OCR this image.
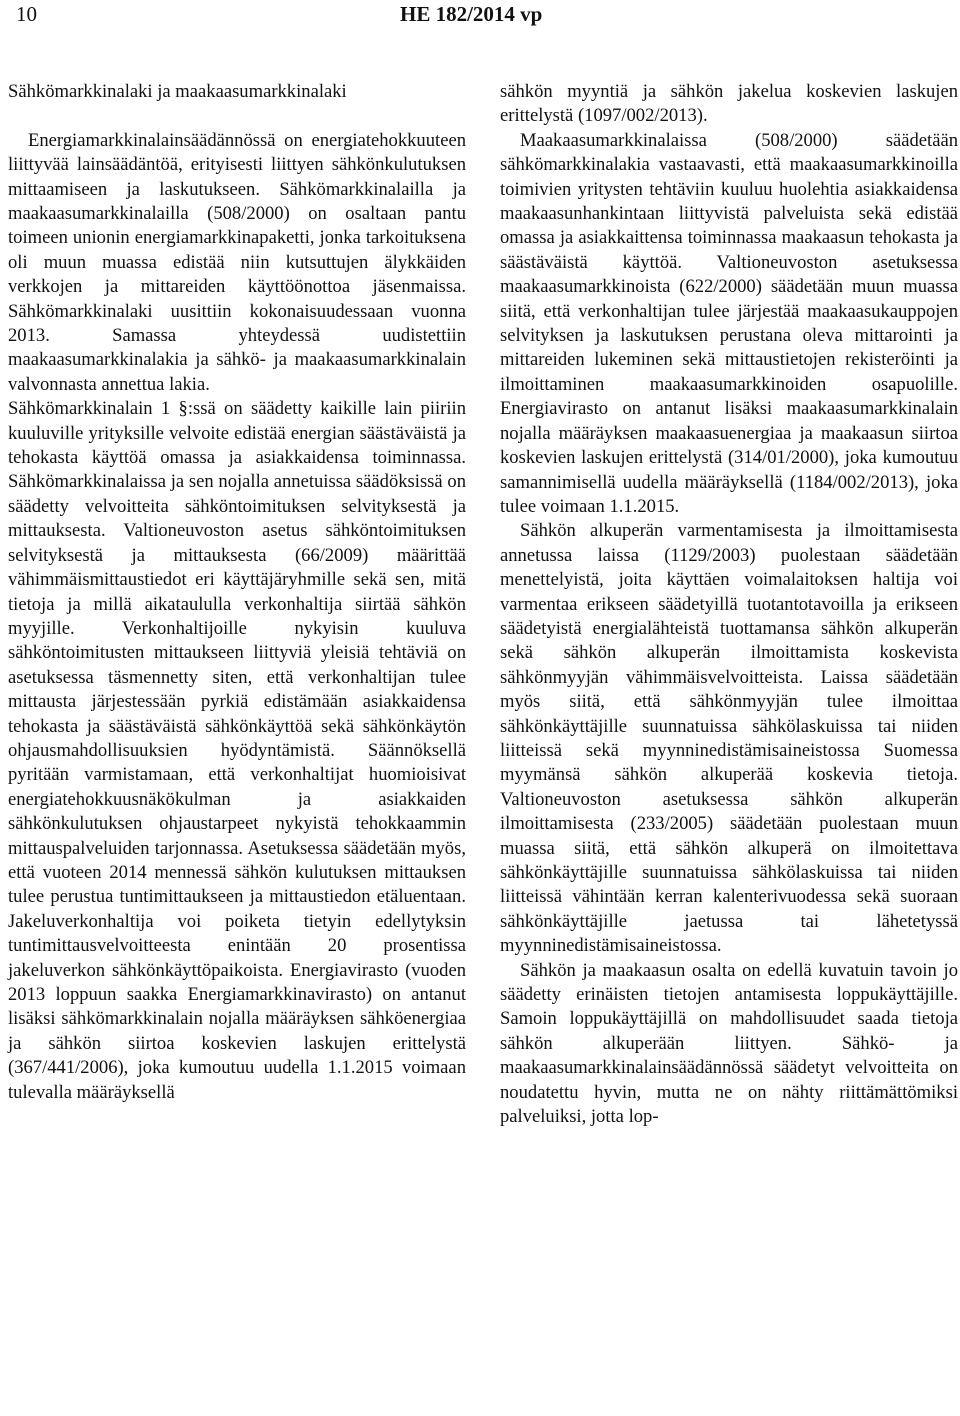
10	HE 182/2014 vp

Sähkömarkkinalaki ja maakaasumarkkinalaki

Energiamarkkinalainsäädännössä on energiatehokkuuteen liittyvää lainsäädäntöä, erityisesti liittyen sähkönkulutuksen mittaamiseen ja laskutukseen. Sähkömarkkinalailla ja maakaasumarkkinalailla (508/2000) on osaltaan pantu toimeen unionin energiamarkkinapaketti, jonka tarkoituksena oli muun muassa edistää niin kutsuttujen älykkäiden verkkojen ja mittareiden käyttöönottoa jäsenmaissa. Sähkömarkkinalaki uusittiin kokonaisuudessaan vuonna 2013. Samassa yhteydessä uudistettiin maakaasumarkkinalakia ja sähkö- ja maakaasumarkkinalain valvonnasta annettua lakia.

Sähkömarkkinalain 1 §:ssä on säädetty kaikille lain piiriin kuuluville yrityksille velvoite edistää energian säästäväistä ja tehokasta käyttöä omassa ja asiakkaidensa toiminnassa. Sähkömarkkinalaissa ja sen nojalla annetuissa säädöksissä on säädetty velvoitteita sähköntoimituksen selvityksestä ja mittauksesta. Valtioneuvoston asetus sähköntoimituksen selvityksestä ja mittauksesta (66/2009) määrittää vähimmäismittaustiedot eri käyttäjäryhmille sekä sen, mitä tietoja ja millä aikataululla verkonhaltija siirtää sähkön myyjille. Verkonhaltijoille nykyisin kuuluva sähköntoimitusten mittaukseen liittyviä yleisiä tehtäviä on asetuksessa täsmennetty siten, että verkonhaltijan tulee mittausta järjestessään pyrkiä edistämään asiakkaidensa tehokasta ja säästäväistä sähkönkäyttöä sekä sähkönkäytön ohjausmahdollisuuksien hyödyntämistä. Säännöksellä pyritään varmistamaan, että verkonhaltijat huomioisivat energiatehokkuusnäkökulman ja asiakkaiden sähkönkulutuksen ohjaustarpeet nykyistä tehokkaammin mittauspalveluiden tarjonnassa. Asetuksessa säädetään myös, että vuoteen 2014 mennessä sähkön kulutuksen mittauksen tulee perustua tuntimittaukseen ja mittaustiedon etäluentaan. Jakeluverkonhaltija voi poiketa tietyin edellytyksin tuntimittausvelvoitteesta enintään 20 prosentissa jakeluverkon sähkönkäyttöpaikoista. Energiavirasto (vuoden 2013 loppuun saakka Energiamarkkinavirasto) on antanut lisäksi sähkömarkkinalain nojalla määräyksen sähköenergiaa ja sähkön siirtoa koskevien laskujen erittelystä (367/441/2006), joka kumoutuu uudella 1.1.2015 voimaan tulevalla määräyksellä

sähkön myyntiä ja sähkön jakelua koskevien laskujen erittelystä (1097/002/2013).

Maakaasumarkkinalaissa (508/2000) säädetään sähkömarkkinalakia vastaavasti, että maakaasumarkkinoilla toimivien yritysten tehtäviin kuuluu huolehtia asiakkaidensa maakaasunhankintaan liittyvistä palveluista sekä edistää omassa ja asiakkaittensa toiminnassa maakaasun tehokasta ja säästäväistä käyttöä. Valtioneuvoston asetuksessa maakaasumarkkinoista (622/2000) säädetään muun muassa siitä, että verkonhaltijan tulee järjestää maakaasukauppojen selvityksen ja laskutuksen perustana oleva mittarointi ja mittareiden lukeminen sekä mittaustietojen rekisteröinti ja ilmoittaminen maakaasumarkkinoiden osapuolille. Energiavirasto on antanut lisäksi maakaasumarkkinalain nojalla määräyksen maakaasuenergiaa ja maakaasun siirtoa koskevien laskujen erittelystä (314/01/2000), joka kumoutuu samannimisellä uudella määräyksellä (1184/002/2013), joka tulee voimaan 1.1.2015.

Sähkön alkuperän varmentamisesta ja ilmoittamisesta annetussa laissa (1129/2003) puolestaan säädetään menettelyistä, joita käyttäen voimalaitoksen haltija voi varmentaa erikseen säädetyillä tuotantotavoilla ja erikseen säädetyistä energialähteistä tuottamansa sähkön alkuperän sekä sähkön alkuperän ilmoittamista koskevista sähkönmyyjän vähimmäisvelvoitteista. Laissa säädetään myös siitä, että sähkönmyyjän tulee ilmoittaa sähkönkäyttäjille suunnatuissa sähkölaskuissa tai niiden liitteissä sekä myynninedistämisaineistossa Suomessa myymänsä sähkön alkuperää koskevia tietoja. Valtioneuvoston asetuksessa sähkön alkuperän ilmoittamisesta (233/2005) säädetään puolestaan muun muassa siitä, että sähkön alkuperä on ilmoitettava sähkönkäyttäjille suunnatuissa sähkölaskuissa tai niiden liitteissä vähintään kerran kalenterivuodessa sekä suoraan sähkönkäyttäjille jaetussa tai lähetetyssä myynninedistämisaineistossa.

Sähkön ja maakaasun osalta on edellä kuvatuin tavoin jo säädetty erinäisten tietojen antamisesta loppukäyttäjille. Samoin loppukäyttäjillä on mahdollisuudet saada tietoja sähkön alkuperään liittyen. Sähkö- ja maakaasumarkkinalainsäädännössä säädetyt velvoitteita on noudatettu hyvin, mutta ne on nähty riittämättömiksi palveluiksi, jotta lop-
